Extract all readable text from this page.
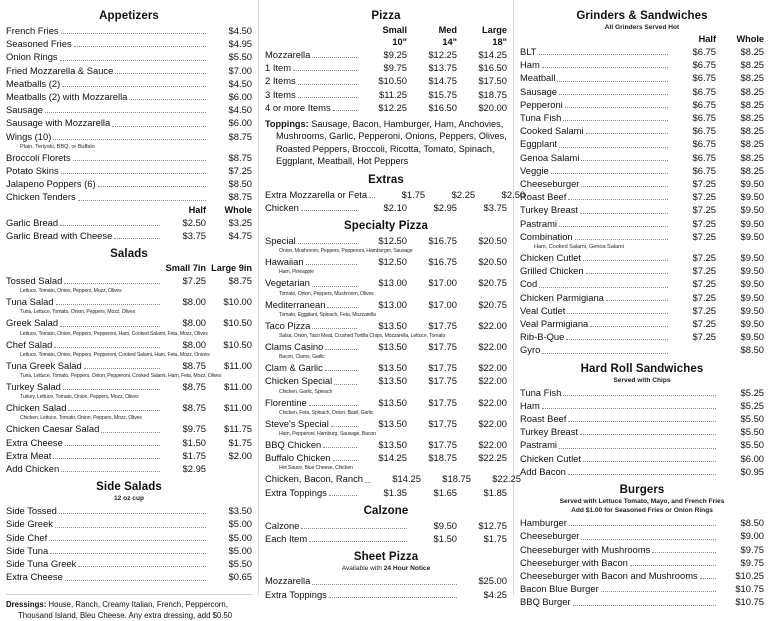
Appetizers
French Fries	$4.50
Seasoned Fries	$4.95
Onion Rings	$5.50
Fried Mozzarella & Sauce	$7.00
Meatballs (2)	$4.50
Meatballs (2) with Mozzarella	$6.00
Sausage	$4.50
Sausage with Mozzarella	$6.00
Wings (10)	$8.75
Plain, Teriyaki, BBQ, or Buffalo
Broccoli Florets	$8.75
Potato Skins	$7.25
Jalapeno Poppers (6)	$8.50
Chicken Tenders	$8.75
Half	Whole
Garlic Bread	$2.50	$3.25
Garlic Bread with Cheese	$3.75	$4.75
Salads
Small 7in Large 9in
Tossed Salad	$7.25	$8.75
Lettuce, Tomato, Onion, Peppers, Mozz, Olives
Tuna Salad	$8.00	$10.00
Tuna, Lettuce, Tomato, Onion, Peppers, Mozz, Olives
Greek Salad	$8.00	$10.50
Lettuce, Tomato, Onion, Peppers, Pepperoni, Ham, Cooked Salami, Feta, Mozz, Olives
Chef Salad	$8.00	$10.50
Lettuce, Tomato, Onion, Peppers, Pepperoni, Cooked Salami, Ham, Feta, Mozz, Onions
Tuna Greek Salad	$8.75	$11.00
Tuna, Lettuce, Tomato, Peppers, Onion, Pepperoni, Cooked Salami, Ham, Feta, Mozz, Olives
Turkey Salad	$8.75	$11.00
Turkey, Lettuce, Tomato, Onion, Peppers, Mozz, Olives
Chicken Salad	$8.75	$11.00
Chicken, Lettuce, Tomato, Onion, Peppers, Mozz, Olives
Chicken Caesar Salad	$9.75	$11.75
Extra Cheese	$1.50	$1.75
Extra Meat	$1.75	$2.00
Add Chicken	$2.95
Side Salads
12 oz cup
Side Tossed	$3.50
Side Greek	$5.00
Side Chef	$5.00
Side Tuna	$5.00
Side Tuna Greek	$5.50
Extra Cheese	$0.65
Dressings: House, Ranch, Creamy Italian, French, Peppercorn,
Thousand Island, Bleu Cheese. Any extra dressing, add $0.50
Pizza
Small	Med	Large
10"	14"	18"
Mozzarella	$9.25	$12.25	$14.25
1 Item	$9.75	$13.75	$16.50
2 Items	$10.50	$14.75	$17.50
3 Items	$11.25	$15.75	$18.75
4 or more Items	$12.25	$16.50	$20.00
Toppings: Sausage, Bacon, Hamburger, Ham, Anchovies,
Mushrooms, Garlic, Pepperoni, Onions, Peppers, Olives,
Roasted Peppers, Broccoli, Ricotta, Tomato, Spinach,
Eggplant, Meatball, Hot Peppers
Extras
Extra Mozzarella or Feta	$1.75	$2.25	$2.50
Chicken	$2.10	$2.95	$3.75
Specialty Pizza
Special	$12.50	$16.75	$20.50
Onion, Mushroom, Peppers, Pepperoni, Hamburger, Sausage
Hawaiian	$12.50	$16.75	$20.50
Ham, Pineapple
Vegetarian	$13.00	$17.00	$20.75
Tomato, Onion, Peppers, Mushroom, Olives
Mediterranean	$13.00	$17.00	$20.75
Tomato, Eggplant, Spinach, Feta, Mozzarella
Taco Pizza	$13.50	$17.75	$22.00
Salsa, Onion, Taco Meat, Crushed Tortilla Chips, Mozzarella, Lettuce, Tomato
Clams Casino	$13.50	$17.75	$22.00
Bacon, Clams, Garlic
Clam & Garlic	$13.50	$17.75	$22.00
Chicken Special	$13.50	$17.75	$22.00
Chicken, Garlic, Spinach
Florentine	$13.50	$17.75	$22.00
Chicken, Feta, Spinach, Onion, Basil, Garlic
Steve's Special	$13.50	$17.75	$22.00
Ham, Pepperoni, Hamburg, Sausage, Bacon
BBQ Chicken	$13.50	$17.75	$22.00
Buffalo Chicken	$14.25	$18.75	$22.25
Hot Sauce, Blue Cheese, Chicken
Chicken, Bacon, Ranch	$14.25	$18.75	$22.25
Extra Toppings	$1.35	$1.65	$1.85
Calzone
Calzone	$9.50	$12.75
Each Item	$1.50	$1.75
Sheet Pizza
Available with 24 Hour Notice
Mozzarella	$25.00
Extra Toppings	$4.25
Grinders & Sandwiches
All Grinders Served Hot
Half	Whole
BLT	$6.75	$8.25
Ham	$6.75	$8.25
Meatball	$6.75	$8.25
Sausage	$6.75	$8.25
Pepperoni	$6.75	$8.25
Tuna Fish	$6.75	$8.25
Cooked Salami	$6.75	$8.25
Eggplant	$6.75	$8.25
Genoa Salami	$6.75	$8.25
Veggie	$6.75	$8.25
Cheeseburger	$7.25	$9.50
Roast Beef	$7.25	$9.50
Turkey Breast	$7.25	$9.50
Pastrami	$7.25	$9.50
Combination	$7.25	$9.50
Ham, Cooked Salami, Genoa Salami
Chicken Cutlet	$7.25	$9.50
Grilled Chicken	$7.25	$9.50
Cod	$7.25	$9.50
Chicken Parmigiana	$7.25	$9.50
Veal Cutlet	$7.25	$9.50
Veal Parmigiana	$7.25	$9.50
Rib-B-Que	$7.25	$9.50
Gyro	$8.50
Hard Roll Sandwiches
Served with Chips
Tuna Fish	$5.25
Ham	$5.25
Roast Beef	$5.50
Turkey Breast	$5.50
Pastrami	$5.50
Chicken Cutlet	$6.00
Add Bacon	$0.95
Burgers
Served with Lettuce Tomato, Mayo, and French Fries
Add $1.00 for Seasoned Fries or Onion Rings
Hamburger	$8.50
Cheeseburger	$9.00
Cheeseburger with Mushrooms	$9.75
Cheeseburger with Bacon	$9.75
Cheeseburger with Bacon and Mushrooms	$10.25
Bacon Blue Burger	$10.75
BBQ Burger	$10.75
